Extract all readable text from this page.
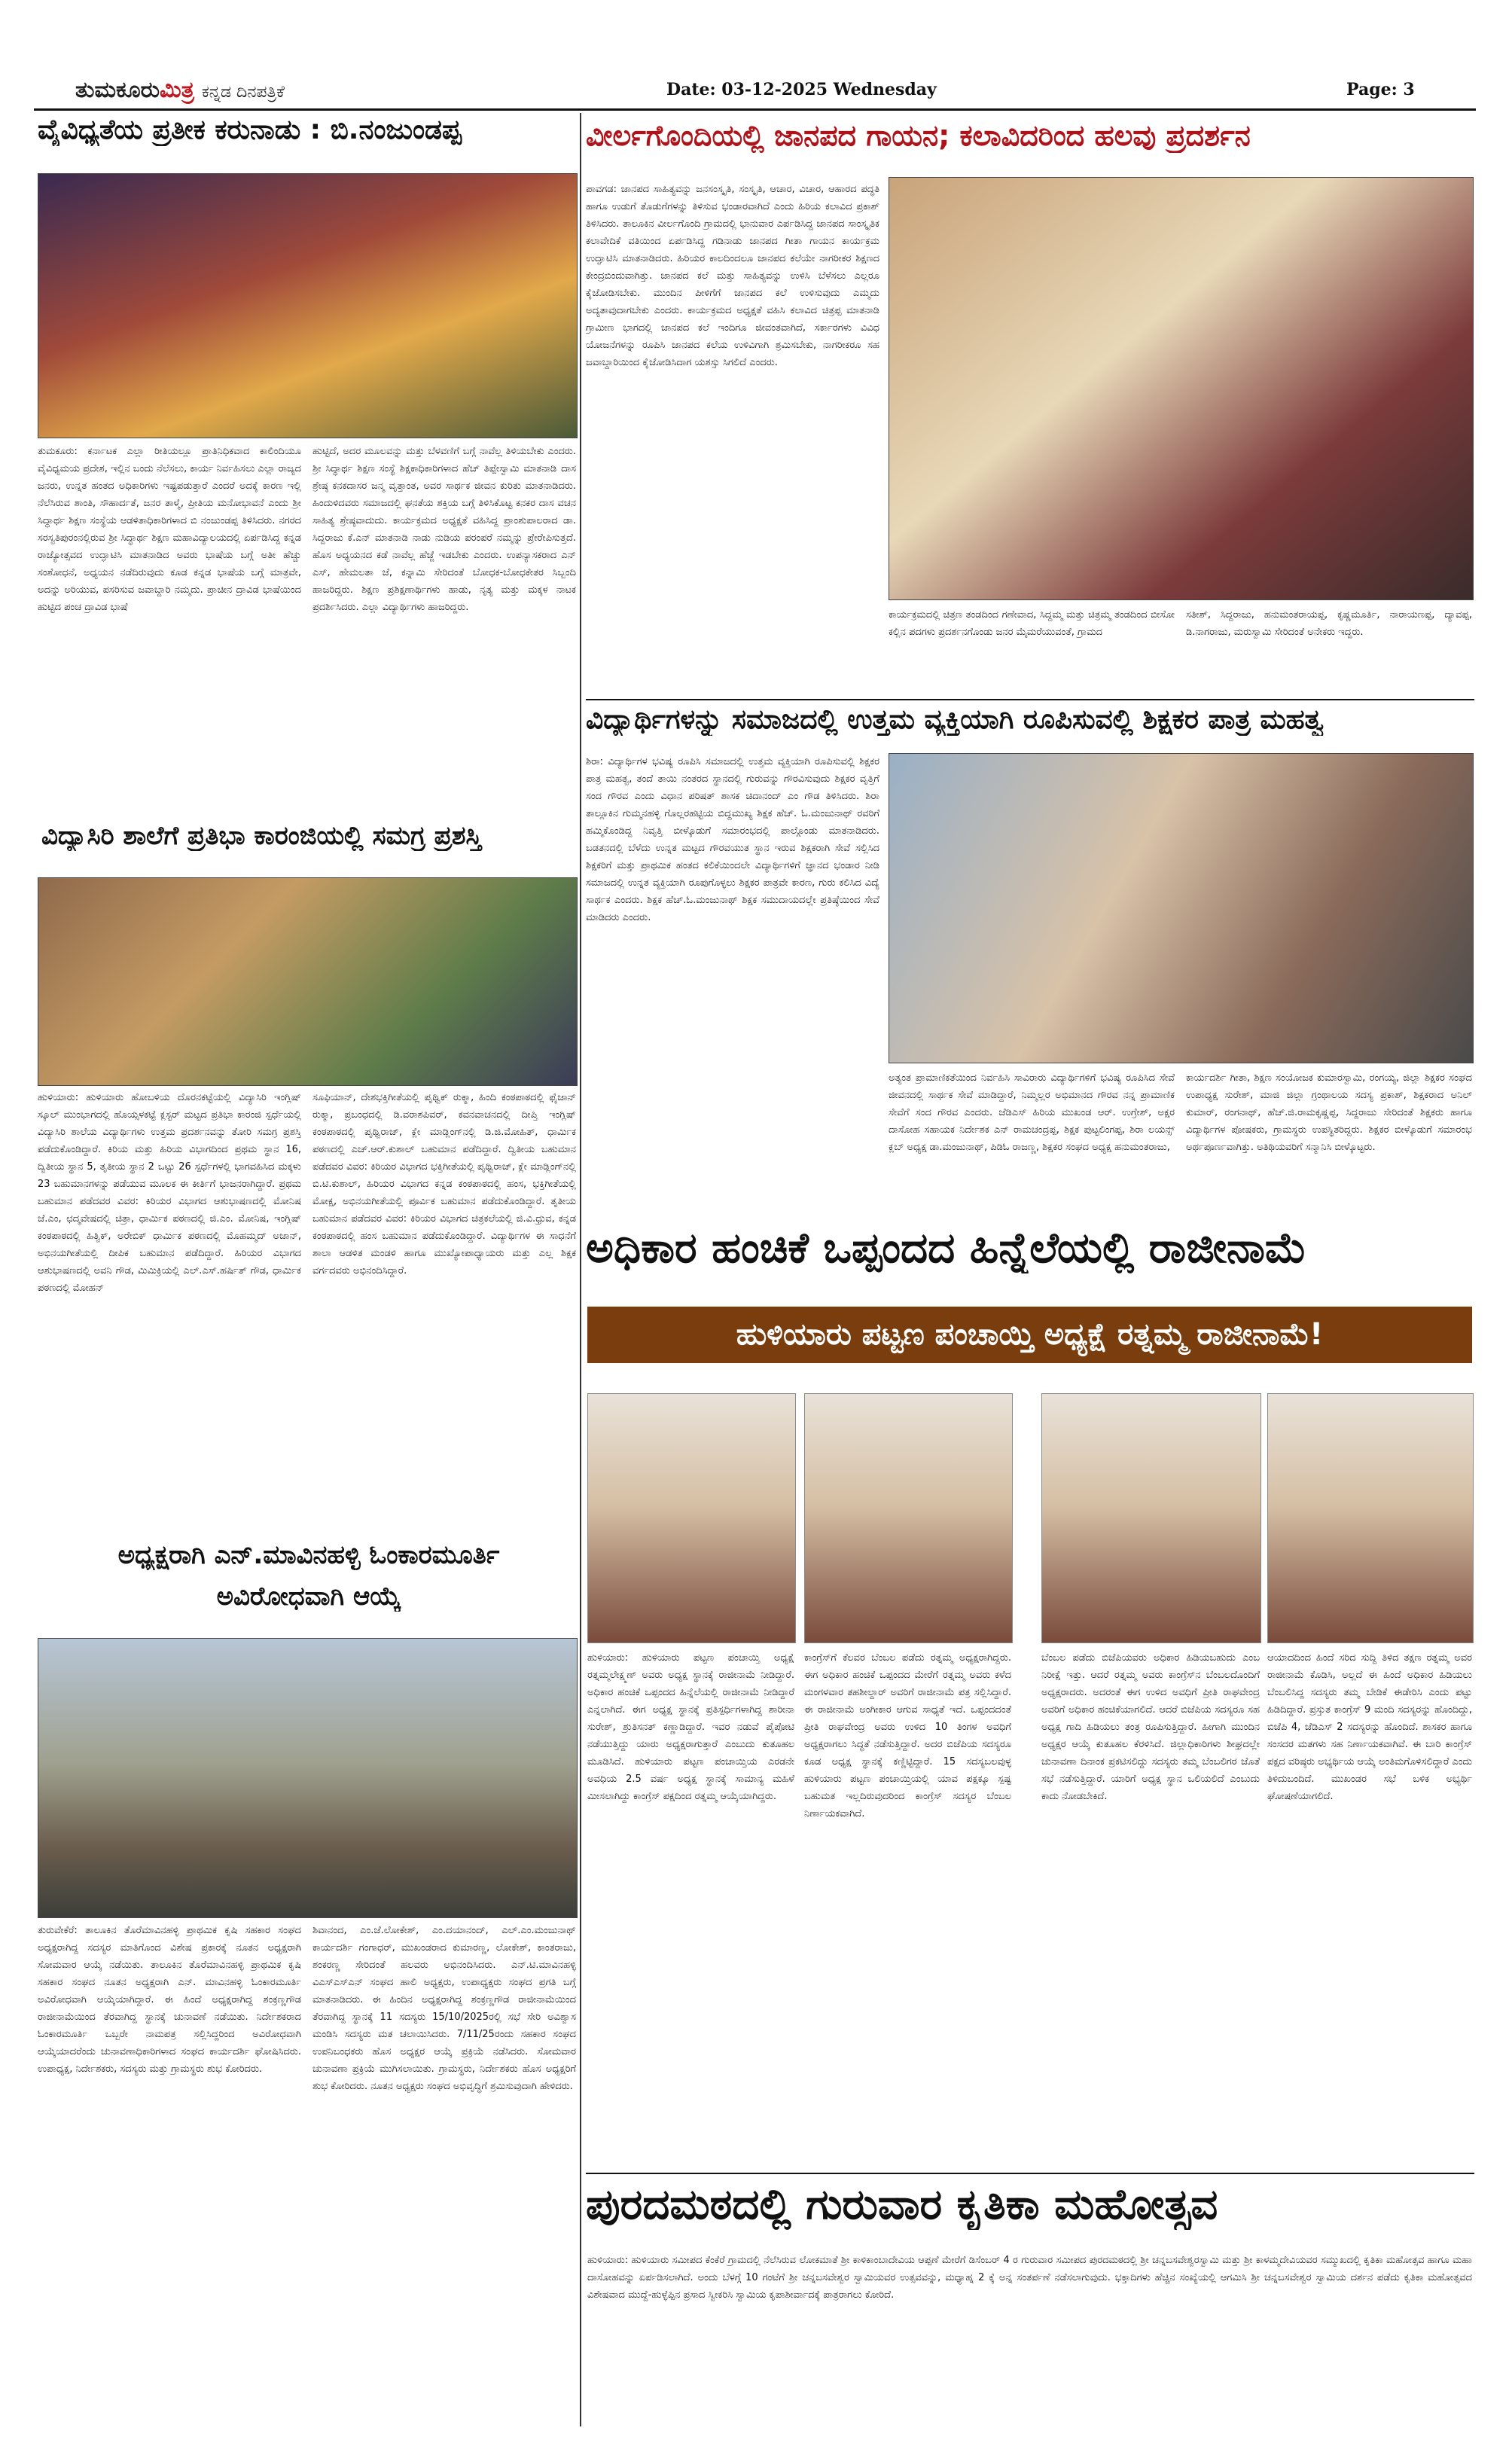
ತುಮಕೂರುಮಿತ್ರ ಕನ್ನಡ ದಿನಪತ್ರಿಕೆ	Date: 03-12-2025 Wednesday	Page: 3
ವೈವಿಧ್ಯತೆಯ ಪ್ರತೀಕ ಕರುನಾಡು : ಬಿ.ನಂಜುಂಡಪ್ಪ
ತುಮಕೂರು: ಕರ್ನಾಟಕ ಎಲ್ಲಾ ರೀತಿಯಲ್ಲೂ ಪ್ರಾತಿನಿಧಿಕವಾದ ಕಾಲಿಂದಿಯೂ ವೈವಿಧ್ಯಮಯ ಪ್ರದೇಶ, ಇಲ್ಲಿನ ಬಂದು ನೆಲೆಸಲು, ಕಾರ್ಯ ನಿರ್ವಹಿಸಲು ಎಲ್ಲಾ ರಾಜ್ಯದ ಜನರು, ಉನ್ನತ ಹಂತದ ಅಧಿಕಾರಿಗಳು ಇಷ್ಟಪಡುತ್ತಾರೆ ಎಂದರೆ ಅದಕ್ಕೆ ಕಾರಣ ಇಲ್ಲಿ ನೆಲೆಸಿರುವ ಶಾಂತಿ, ಸೌಹಾರ್ದತೆ, ಜನರ ತಾಳ್ಮೆ, ಪ್ರೀತಿಯ ಮನೋಭಾವನೆ ಎಂದು ಶ್ರೀ ಸಿದ್ಧಾರ್ಥ ಶಿಕ್ಷಣ ಸಂಸ್ಥೆಯ ಆಡಳಿತಾಧಿಕಾರಿಗಳಾದ ಬಿ ನಂಜುಂಡಪ್ಪ ತಿಳಿಸಿದರು. ನಗರದ ಸರಸ್ವತಿಪುರಂನಲ್ಲಿರುವ ಶ್ರೀ ಸಿದ್ಧಾರ್ಥ ಶಿಕ್ಷಣ ಮಹಾವಿದ್ಯಾಲಯದಲ್ಲಿ ಏರ್ಪಡಿಸಿದ್ದ ಕನ್ನಡ ರಾಜ್ಯೋತ್ಸವದ ಉದ್ಘಾಟಿಸಿ ಮಾತನಾಡಿದ ಅವರು ಭಾಷೆಯ ಬಗ್ಗೆ ಅತೀ ಹೆಚ್ಚು ಸಂಶೋಧನೆ, ಅಧ್ಯಯನ ನಡೆದಿರುವುದು ಕೂಡ ಕನ್ನಡ ಭಾಷೆಯ ಬಗ್ಗೆ ಮಾತ್ರವೇ, ಅದನ್ನು ಅರಿಯುವ, ಪಸರಿಸುವ ಜವಾಬ್ದಾರಿ ನಮ್ಮದು. ಪ್ರಾಚೀನ ದ್ರಾವಿಡ ಭಾಷೆಯಿಂದ ಹುಟ್ಟಿದ ಪಂಚ ದ್ರಾವಿಡ ಭಾಷೆ
ಹುಟ್ಟಿದೆ, ಅದರ ಮೂಲವನ್ನು ಮತ್ತು ಬೆಳವಣಿಗೆ ಬಗ್ಗೆ ನಾವೆಲ್ಲ ತಿಳಿಯಬೇಕು ಎಂದರು. ಶ್ರೀ ಸಿದ್ಧಾರ್ಥ ಶಿಕ್ಷಣ ಸಂಸ್ಥೆ ಶಿಕ್ಷಕಾಧಿಕಾರಿಗಳಾದ ಹೆಚ್ ತಿಪ್ಪೇಸ್ವಾಮಿ ಮಾತನಾಡಿ ದಾಸ ಶ್ರೇಷ್ಠ ಕನಕದಾಸರ ಜನ್ಮ ವೃತ್ತಾಂತ, ಅವರ ಸಾರ್ಥಕ ಜೀವನ ಕುರಿತು ಮಾತನಾಡಿದರು. ಹಿಂದುಳಿದವರು ಸಮಾಜದಲ್ಲಿ ಘನತೆಯ ಶಕ್ತಿಯ ಬಗ್ಗೆ ತಿಳಿಸಿಕೊಟ್ಟ ಕನಕರ ದಾಸ ವಚನ ಸಾಹಿತ್ಯ ಶ್ರೇಷ್ಠವಾದುದು. ಕಾರ್ಯಕ್ರಮದ ಅಧ್ಯಕ್ಷತೆ ವಹಿಸಿದ್ದ ಪ್ರಾಂಶುಪಾಲರಾದ ಡಾ. ಸಿದ್ದರಾಜು ಕೆ.ಎನ್ ಮಾತನಾಡಿ ನಾಡು ನುಡಿಯ ಪರಂಪರೆ ನಮ್ಮನ್ನು ಪ್ರೇರೇಪಿಸುತ್ತದೆ. ಹೊಸ ಅಧ್ಯಯನದ ಕಡೆ ನಾವೆಲ್ಲ ಹೆಜ್ಜೆ ಇಡಬೇಕು ಎಂದರು. ಉಪನ್ಯಾಸಕರಾದ ಎನ್ ಎಸ್, ಹೇಮಲತಾ ಜೆ, ಕನ್ನಾಮಿ ಸೇರಿದಂತೆ ಬೋಧಕ-ಬೋಧಕೇತರ ಸಿಬ್ಬಂದಿ ಹಾಜರಿದ್ದರು. ಶಿಕ್ಷಣ ಪ್ರಶಿಕ್ಷಣಾರ್ಥಿಗಳು ಹಾಡು, ನೃತ್ಯ ಮತ್ತು ಮಕ್ಕಳ ನಾಟಕ ಪ್ರದರ್ಶಿಸಿದರು. ಎಲ್ಲಾ ವಿದ್ಯಾರ್ಥಿಗಳು ಹಾಜರಿದ್ದರು.
ವಿದ್ಯಾಸಿರಿ ಶಾಲೆಗೆ ಪ್ರತಿಭಾ ಕಾರಂಜಿಯಲ್ಲಿ ಸಮಗ್ರ ಪ್ರಶಸ್ತಿ
ಹುಳಿಯಾರು: ಹುಳಿಯಾರು ಹೋಬಳಿಯ ದೊರನಕಟ್ಟೆಯಲ್ಲಿ ವಿದ್ಯಾಸಿರಿ ಇಂಗ್ಲಿಷ್ ಸ್ಕೂಲ್ ಮುಂಭಾಗದಲ್ಲಿ ಹೊಯ್ಸಳಕಟ್ಟೆ ಕ್ಲಸ್ಟರ್ ಮಟ್ಟದ ಪ್ರತಿಭಾ ಕಾರಂಜಿ ಸ್ಪರ್ಧೆಯಲ್ಲಿ ವಿದ್ಯಾಸಿರಿ ಶಾಲೆಯ ವಿದ್ಯಾರ್ಥಿಗಳು ಉತ್ತಮ ಪ್ರದರ್ಶನವನ್ನು ತೋರಿ ಸಮಗ್ರ ಪ್ರಶಸ್ತಿ ಪಡೆದುಕೊಂಡಿದ್ದಾರೆ. ಕಿರಿಯ ಮತ್ತು ಹಿರಿಯ ವಿಭಾಗದಿಂದ ಪ್ರಥಮ ಸ್ಥಾನ 16, ದ್ವಿತೀಯ ಸ್ಥಾನ 5, ತೃತೀಯ ಸ್ಥಾನ 2 ಒಟ್ಟು 26 ಸ್ಪರ್ಧೆಗಳಲ್ಲಿ ಭಾಗವಹಿಸಿದ ಮಕ್ಕಳು 23 ಬಹುಮಾನಗಳನ್ನು ಪಡೆಯುವ ಮೂಲಕ ಈ ಕೀರ್ತಿಗೆ ಭಾಜನರಾಗಿದ್ದಾರೆ. ಪ್ರಥಮ ಬಹುಮಾನ ಪಡೆದವರ ವಿವರ: ಕಿರಿಯರ ವಿಭಾಗದ ಆಶುಭಾಷಣದಲ್ಲಿ ಮೋನಿಷ ಜೆ.ಎಂ, ಛದ್ಮವೇಷದಲ್ಲಿ ಚಿತ್ರಾ, ಧಾರ್ಮಿಕ ಪಠಣದಲ್ಲಿ ಜಿ.ಎಂ. ಮೋನಿಷ, ಇಂಗ್ಲಿಷ್ ಕಂಠಪಾಠದಲ್ಲಿ ಹಿತ್ವಿಕ್, ಅರೇಬಿಕ್ ಧಾರ್ಮಿಕ ಪಠಣದಲ್ಲಿ ಮೊಹಮ್ಮದ್ ಅಜಾನ್, ಅಭಿನಯಗೀತೆಯಲ್ಲಿ ದೀಪಿಕ ಬಹುಮಾನ ಪಡೆದಿದ್ದಾರೆ. ಹಿರಿಯರ ವಿಭಾಗದ ಆಶುಭಾಷಣದಲ್ಲಿ ಅವನಿ ಗೌಡ, ಮಿಮಿಕ್ರಿಯಲ್ಲಿ ಎಲ್.ಎಸ್.ಹರ್ಷಿತ್ ಗೌಡ, ಧಾರ್ಮಿಕ ಪಠಣದಲ್ಲಿ ಮೋಹನ್
ಸೂಫಿಯಾನ್, ದೇಶಭಕ್ತಿಗೀತೆಯಲ್ಲಿ ಪೃಥ್ವಿಕ್ ರುಕ್ಮಾ, ಹಿಂದಿ ಕಂಠಪಾಠದಲ್ಲಿ ಫೈಜಾನ್ ರುಕ್ಮಾ, ಪ್ರಬಂಧದಲ್ಲಿ ಡಿ.ವರಾಶಪಿವರ್, ಕವನವಾಚನದಲ್ಲಿ ದೀಪ್ತಿ ಇಂಗ್ಲಿಷ್ ಕಂಠಪಾಠದಲ್ಲಿ ಪೃಥ್ವಿರಾಜ್, ಕ್ಲೇ ಮಾಡ್ಲಿಂಗ್‌ನಲ್ಲಿ ಡಿ.ಜಿ.ಮೋಹಿತ್, ಧಾರ್ಮಿಕ ಪಠಣದಲ್ಲಿ ಎಚ್.ಆರ್.ಕುಶಾಲ್ ಬಹುಮಾನ ಪಡೆದಿದ್ದಾರೆ. ದ್ವಿತೀಯ ಬಹುಮಾನ ಪಡೆದವರ ವಿವರ: ಕಿರಿಯರ ವಿಭಾಗದ ಭಕ್ತಿಗೀತೆಯಲ್ಲಿ ಪೃಥ್ವಿರಾಜ್, ಕ್ಲೇ ಮಾಡ್ಲಿಂಗ್‌ನಲ್ಲಿ ಬಿ.ಟಿ.ಕುಶಾಲ್, ಹಿರಿಯರ ವಿಭಾಗದ ಕನ್ನಡ ಕಂಠಪಾಠದಲ್ಲಿ ಹಂಸ, ಭಕ್ತಿಗೀತೆಯಲ್ಲಿ ಮೋಕ್ಷ, ಅಭಿನಯಗೀತೆಯಲ್ಲಿ ಪೂರ್ವಿಕ ಬಹುಮಾನ ಪಡೆದುಕೊಂಡಿದ್ದಾರೆ. ತೃತೀಯ ಬಹುಮಾನ ಪಡೆದವರ ವಿವರ: ಕಿರಿಯರ ವಿಭಾಗದ ಚಿತ್ರಕಲೆಯಲ್ಲಿ ಜಿ.ವಿ.ಧ್ರುವ, ಕನ್ನಡ ಕಂಠಪಾಠದಲ್ಲಿ ಹಂಸ ಬಹುಮಾನ ಪಡೆದುಕೊಂಡಿದ್ದಾರೆ. ವಿದ್ಯಾರ್ಥಿಗಳ ಈ ಸಾಧನೆಗೆ ಶಾಲಾ ಆಡಳಿತ ಮಂಡಳಿ ಹಾಗೂ ಮುಖ್ಯೋಪಾಧ್ಯಾಯರು ಮತ್ತು ಎಲ್ಲ ಶಿಕ್ಷಕ ವರ್ಗದವರು ಅಭಿನಂದಿಸಿದ್ದಾರೆ.
ಅಧ್ಯಕ್ಷರಾಗಿ ಎನ್.ಮಾವಿನಹಳ್ಳಿ ಓಂಕಾರಮೂರ್ತಿ
ಅವಿರೋಧವಾಗಿ ಆಯ್ಕೆ
ತುರುವೇಕೆರೆ: ತಾಲೂಕಿನ ತೊರೆಮಾವಿನಹಳ್ಳಿ ಪ್ರಾಥಮಿಕ ಕೃಷಿ ಸಹಕಾರ ಸಂಘದ ಅಧ್ಯಕ್ಷರಾಗಿದ್ದ ಸದಸ್ಯರ ಮಾತಿಗೊಂದ ವಿಶೇಷ ಪ್ರಕಾರಕ್ಕೆ ನೂತನ ಅಧ್ಯಕ್ಷರಾಗಿ ಸೋಮವಾರ ಆಯ್ಕೆ ನಡೆಯಿತು. ತಾಲೂಕಿನ ತೊರೆಮಾವಿನಹಳ್ಳಿ ಪ್ರಾಥಮಿಕ ಕೃಷಿ ಸಹಕಾರ ಸಂಘದ ನೂತನ ಅಧ್ಯಕ್ಷರಾಗಿ ಎನ್. ಮಾವಿನಹಳ್ಳಿ ಓಂಕಾರಮೂರ್ತಿ ಅವಿರೋಧವಾಗಿ ಆಯ್ಕೆಯಾಗಿದ್ದಾರೆ. ಈ ಹಿಂದೆ ಅಧ್ಯಕ್ಷರಾಗಿದ್ದ ಶಂಕ್ರಣ್ಣಗೌಡ ರಾಜೀನಾಮೆಯಿಂದ ತೆರವಾಗಿದ್ದ ಸ್ಥಾನಕ್ಕೆ ಚುನಾವಣೆ ನಡೆಯಿತು. ನಿರ್ದೇಶಕರಾದ ಓಂಕಾರಮೂರ್ತಿ ಒಬ್ಬರೇ ನಾಮಪತ್ರ ಸಲ್ಲಿಸಿದ್ದರಿಂದ ಅವಿರೋಧವಾಗಿ ಆಯ್ಕೆಯಾದರೆಂದು ಚುನಾವಣಾಧಿಕಾರಿಗಳಾದ ಸಂಘದ ಕಾರ್ಯದರ್ಶಿ ಘೋಷಿಸಿದರು. ಉಪಾಧ್ಯಕ್ಷ, ನಿರ್ದೇಶಕರು, ಸದಸ್ಯರು ಮತ್ತು ಗ್ರಾಮಸ್ಥರು ಶುಭ ಕೋರಿದರು.
ಶಿವಾನಂದ, ಎಂ.ಜೆ.ಲೋಕೇಶ್, ಎಂ.ದಯಾನಂದ್, ಎಲ್.ಎಂ.ಮಂಜುನಾಥ್ ಕಾರ್ಯದರ್ಶಿ ಗಂಗಾಧರ್, ಮುಖಂಡರಾದ ಕುಮಾರಣ್ಣ, ಲೋಕೇಶ್, ಕಾಂತರಾಜು, ಶಂಕರಣ್ಣ ಸೇರಿದಂತೆ ಹಲವರು ಅಭಿನಂದಿಸಿದರು. ಎನ್.ಟಿ.ಮಾವಿನಹಳ್ಳಿ ವಿಎಸ್‌ಎಸ್‌ಎನ್ ಸಂಘದ ಹಾಲಿ ಅಧ್ಯಕ್ಷರು, ಉಪಾಧ್ಯಕ್ಷರು ಸಂಘದ ಪ್ರಗತಿ ಬಗ್ಗೆ ಮಾತನಾಡಿದರು. ಈ ಹಿಂದಿನ ಅಧ್ಯಕ್ಷರಾಗಿದ್ದ ಶಂಕ್ರಣ್ಣಗೌಡ ರಾಜೀನಾಮೆಯಿಂದ ತೆರವಾಗಿದ್ದ ಸ್ಥಾನಕ್ಕೆ 11 ಸದಸ್ಯರು 15/10/2025ರಲ್ಲಿ ಸಭೆ ಸೇರಿ ಅವಿಶ್ವಾಸ ಮಂಡಿಸಿ ಸದಸ್ಯರು ಮತ ಚಲಾಯಿಸಿದರು. 7/11/25ರಂದು ಸಹಕಾರ ಸಂಘದ ಉಪನಿಬಂಧಕರು ಹೊಸ ಅಧ್ಯಕ್ಷರ ಆಯ್ಕೆ ಪ್ರಕ್ರಿಯೆ ನಡೆಸಿದರು. ಸೋಮವಾರ ಚುನಾವಣಾ ಪ್ರಕ್ರಿಯೆ ಮುಗಿಸಲಾಯಿತು. ಗ್ರಾಮಸ್ಥರು, ನಿರ್ದೇಶಕರು ಹೊಸ ಅಧ್ಯಕ್ಷರಿಗೆ ಶುಭ ಕೋರಿದರು. ನೂತನ ಅಧ್ಯಕ್ಷರು ಸಂಘದ ಅಭಿವೃದ್ಧಿಗೆ ಶ್ರಮಿಸುವುದಾಗಿ ಹೇಳಿದರು.
ವೀರ್ಲಗೊಂದಿಯಲ್ಲಿ ಜಾನಪದ ಗಾಯನ; ಕಲಾವಿದರಿಂದ ಹಲವು ಪ್ರದರ್ಶನ
ಪಾವಗಡ: ಜಾನಪದ ಸಾಹಿತ್ಯವನ್ನು ಜನಸಂಸ್ಕೃತಿ, ಸಂಸ್ಕೃತಿ, ಆಚಾರ, ವಿಚಾರ, ಆಹಾರದ ಪದ್ಧತಿ ಹಾಗೂ ಉಡುಗೆ ತೊಡುಗೆಗಳನ್ನು ತಿಳಿಸುವ ಭಂಡಾರವಾಗಿದೆ ಎಂದು ಹಿರಿಯ ಕಲಾವಿದ ಪ್ರಕಾಶ್ ತಿಳಿಸಿದರು. ತಾಲೂಕಿನ ವೀರ್ಲಗೊಂದಿ ಗ್ರಾಮದಲ್ಲಿ ಭಾನುವಾರ ಎರ್ಪಡಿಸಿದ್ದ ಜಾನಪದ ಸಾಂಸ್ಕೃತಿಕ ಕಲಾವೇದಿಕೆ ವತಿಯಿಂದ ಏರ್ಪಡಿಸಿದ್ದ ಗಡಿನಾಡು ಜಾನಪದ ಗೀತಾ ಗಾಯನ ಕಾರ್ಯಕ್ರಮ ಉದ್ಘಾಟಿಸಿ ಮಾತನಾಡಿದರು. ಹಿರಿಯರ ಕಾಲದಿಂದಲೂ ಜಾನಪದ ಕಲೆಯೇ ನಾಗರೀಕರ ಶಿಕ್ಷಣದ ಕೇಂದ್ರಬಿಂದುವಾಗಿತ್ತು. ಜಾನಪದ ಕಲೆ ಮತ್ತು ಸಾಹಿತ್ಯವನ್ನು ಉಳಿಸಿ ಬೆಳೆಸಲು ಎಲ್ಲರೂ ಕೈಜೋಡಿಸಬೇಕು. ಮುಂದಿನ ಪೀಳಿಗೆಗೆ ಜಾನಪದ ಕಲೆ ಉಳಿಸುವುದು ಎಮ್ಮದು ಅದ್ಯತಾವುದಾಗಬೇಕು ಎಂದರು. ಕಾರ್ಯಕ್ರಮದ ಅಧ್ಯಕ್ಷತೆ ವಹಿಸಿ ಕಲಾವಿದ ಚಿತ್ರಪ್ಪ ಮಾತನಾಡಿ ಗ್ರಾಮೀಣ ಭಾಗದಲ್ಲಿ ಜಾನಪದ ಕಲೆ ಇಂದಿಗೂ ಜೀವಂತವಾಗಿದೆ, ಸರ್ಕಾರಗಳು ವಿವಿಧ ಯೋಜನೆಗಳನ್ನು ರೂಪಿಸಿ ಜಾನಪದ ಕಲೆಯ ಉಳಿವಿಗಾಗಿ ಶ್ರಮಿಸಬೇಕು, ನಾಗರೀಕರೂ ಸಹ ಜವಾಬ್ದಾರಿಯಿಂದ ಕೈಜೋಡಿಸಿದಾಗ ಯಶಸ್ಸು ಸಿಗಲಿದೆ ಎಂದರು.
ಕಾರ್ಯಕ್ರಮದಲ್ಲಿ ಚಿತ್ರಣ ತಂಡದಿಂದ ಗಣೇವಾದ, ಸಿದ್ದಮ್ಮ ಮತ್ತು ಚಿತ್ರಮ್ಮ ತಂಡದಿಂದ ಬೀಸೋ ಕಲ್ಲಿನ ಪದಗಳು ಪ್ರದರ್ಶನಗೊಂಡು ಜನರ ಮೈಮರೆಯುವಂತೆ, ಗ್ರಾಮದ
ಸತೀಶ್, ಸಿದ್ದರಾಜು, ಹನುಮಂತರಾಯಪ್ಪ, ಕೃಷ್ಣಮೂರ್ತಿ, ನಾರಾಯಣಪ್ಪ, ದ್ಯಾವಪ್ಪ, ಡಿ.ನಾಗರಾಜು, ಮರುಸ್ವಾಮಿ ಸೇರಿದಂತೆ ಅನೇಕರು ಇದ್ದರು.
ವಿದ್ಯಾರ್ಥಿಗಳನ್ನು ಸಮಾಜದಲ್ಲಿ ಉತ್ತಮ ವ್ಯಕ್ತಿಯಾಗಿ ರೂಪಿಸುವಲ್ಲಿ ಶಿಕ್ಷಕರ ಪಾತ್ರ ಮಹತ್ವ
ಶಿರಾ: ವಿದ್ಯಾರ್ಥಿಗಳ ಭವಿಷ್ಯ ರೂಪಿಸಿ ಸಮಾಜದಲ್ಲಿ ಉತ್ತಮ ವ್ಯಕ್ತಿಯಾಗಿ ರೂಪಿಸುವಲ್ಲಿ ಶಿಕ್ಷಕರ ಪಾತ್ರ ಮಹತ್ವ, ತಂದೆ ತಾಯಿ ನಂತರದ ಸ್ಥಾನದಲ್ಲಿ ಗುರುವನ್ನು ಗೌರವಿಸುವುದು ಶಿಕ್ಷಕರ ವೃತ್ತಿಗೆ ಸಂದ ಗೌರವ ಎಂದು ವಿಧಾನ ಪರಿಷತ್ ಶಾಸಕ ಚಿದಾನಂದ್ ಎಂ ಗೌಡ ತಿಳಿಸಿದರು. ಶಿರಾ ತಾಲ್ಲೂಕಿನ ಗುಮ್ಮನಹಳ್ಳಿ ಗೊಲ್ಲರಹಟ್ಟಿಯ ಬಿದ್ದಮುಖ್ಯ ಶಿಕ್ಷಕ ಹೆಚ್. ಓ.ಮಂಜುನಾಥ್ ರವರಿಗೆ ಹಮ್ಮಿಕೊಂಡಿದ್ದ ನಿವೃತ್ತಿ ಬೀಳ್ಕೊಡುಗೆ ಸಮಾರಂಭದಲ್ಲಿ ಪಾಲ್ಗೊಂಡು ಮಾತನಾಡಿದರು. ಬಡತನದಲ್ಲಿ ಬೆಳೆದು ಉನ್ನತ ಮಟ್ಟದ ಗೌರವಯುತ ಸ್ಥಾನ ಇರುವ ಶಿಕ್ಷಕರಾಗಿ ಸೇವೆ ಸಲ್ಲಿಸಿದ ಶಿಕ್ಷಕರಿಗೆ ಮತ್ತು ಪ್ರಾಥಮಿಕ ಹಂತದ ಕಲಿಕೆಯಿಂದಲೇ ವಿದ್ಯಾರ್ಥಿಗಳಿಗೆ ಜ್ಞಾನದ ಭಂಡಾರ ನೀಡಿ ಸಮಾಜದಲ್ಲಿ ಉನ್ನತ ವ್ಯಕ್ತಿಯಾಗಿ ರೂಪುಗೊಳ್ಳಲು ಶಿಕ್ಷಕರ ಪಾತ್ರವೇ ಕಾರಣ, ಗುರು ಕಲಿಸಿದ ವಿದ್ಯೆ ಸಾರ್ಥಕ ಎಂದರು. ಶಿಕ್ಷಕ ಹೆಚ್.ಓ.ಮಂಜುನಾಥ್ ಶಿಕ್ಷಕ ಸಮುದಾಯದಲ್ಲೇ ಪ್ರತಿಷ್ಠೆಯಿಂದ ಸೇವೆ ಮಾಡಿದರು ಎಂದರು.
ಅತ್ಯಂತ ಪ್ರಾಮಾಣಿಕತೆಯಿಂದ ನಿರ್ವಹಿಸಿ ಸಾವಿರಾರು ವಿದ್ಯಾರ್ಥಿಗಳಿಗೆ ಭವಿಷ್ಯ ರೂಪಿಸಿದ ಸೇವೆ ಜೀವನದಲ್ಲಿ ಸಾರ್ಥಕ ಸೇವೆ ಮಾಡಿದ್ದಾರೆ, ನಿಮ್ಮಲ್ಲರ ಅಭಿಮಾನದ ಗೌರವ ನನ್ನ ಪ್ರಾಮಾಣಿಕ ಸೇವೆಗೆ ಸಂದ ಗೌರವ ಎಂದರು. ಜೆಡಿಎಸ್ ಹಿರಿಯ ಮುಖಂಡ ಆರ್. ಉಗ್ರೇಶ್, ಅಕ್ಷರ ದಾಸೋಹ ಸಹಾಯಕ ನಿರ್ದೇಶಕ ಎನ್ ರಾಮಚಂದ್ರಪ್ಪ, ಶಿಕ್ಷಕ ಪುಟ್ಟಲಿಂಗಪ್ಪ, ಶಿರಾ ಲಯನ್ಸ್ ಕ್ಲಬ್ ಅಧ್ಯಕ್ಷ ಡಾ.ಮಂಜುನಾಥ್, ಪಿಡಿಓ ರಾಜಣ್ಣ, ಶಿಕ್ಷಕರ ಸಂಘದ ಅಧ್ಯಕ್ಷ ಹನುಮಂತರಾಜು,
ಕಾರ್ಯದರ್ಶಿ ಗೀತಾ, ಶಿಕ್ಷಣ ಸಂಯೋಜಕ ಕುಮಾರಸ್ವಾಮಿ, ರಂಗಯ್ಯ, ಜಿಲ್ಲಾ ಶಿಕ್ಷಕರ ಸಂಘದ ಉಪಾಧ್ಯಕ್ಷ ಸುರೇಶ್, ಮಾಜಿ ಜಿಲ್ಲಾ ಗ್ರಂಥಾಲಯ ಸದಸ್ಯ ಪ್ರಕಾಶ್, ಶಿಕ್ಷಕರಾದ ಅನಿಲ್ ಕುಮಾರ್, ರಂಗನಾಥ್, ಹೆಚ್.ಜಿ.ರಾಮಕೃಷ್ಣಪ್ಪ, ಸಿದ್ದರಾಜು ಸೇರಿದಂತೆ ಶಿಕ್ಷಕರು ಹಾಗೂ ವಿದ್ಯಾರ್ಥಿಗಳ ಪೋಷಕರು, ಗ್ರಾಮಸ್ಥರು ಉಪಸ್ಥಿತರಿದ್ದರು. ಶಿಕ್ಷಕರ ಬೀಳ್ಕೊಡುಗೆ ಸಮಾರಂಭ ಅರ್ಥಪೂರ್ಣವಾಗಿತ್ತು. ಅತಿಥಿಯವರಿಗೆ ಸನ್ಮಾನಿಸಿ ಬೀಳ್ಕೊಟ್ಟರು.
ಅಧಿಕಾರ ಹಂಚಿಕೆ ಒಪ್ಪಂದದ ಹಿನ್ನೆಲೆಯಲ್ಲಿ ರಾಜೀನಾಮೆ
ಹುಳಿಯಾರು ಪಟ್ಟಣ ಪಂಚಾಯ್ತಿ ಅಧ್ಯಕ್ಷೆ ರತ್ನಮ್ಮ ರಾಜೀನಾಮೆ!
ಹುಳಿಯಾರು: ಹುಳಿಯಾರು ಪಟ್ಟಣ ಪಂಚಾಯ್ತಿ ಅಧ್ಯಕ್ಷೆ ರತ್ನಮ್ಮಲೇಕ್ಷ್ಮಣ್ ಅವರು ಅಧ್ಯಕ್ಷ ಸ್ಥಾನಕ್ಕೆ ರಾಜೀನಾಮೆ ನೀಡಿದ್ದಾರೆ. ಅಧಿಕಾರ ಹಂಚಿಕೆ ಒಪ್ಪಂದದ ಹಿನ್ನೆಲೆಯಲ್ಲಿ ರಾಜೀನಾಮೆ ನೀಡಿದ್ದಾರೆ ಎನ್ನಲಾಗಿದೆ. ಈಗ ಅಧ್ಯಕ್ಷ ಸ್ಥಾನಕ್ಕೆ ಪ್ರತಿಸ್ಪರ್ಧಿಗಳಾಗಿದ್ದ ಶಾರೀನಾ ಸುರೇಶ್, ಶ್ರುತಿಸನತ್ ಕಣ್ಣಾಡಿದ್ದಾರೆ. ಇವರ ನಡುವೆ ಪೈಪೋಟಿ ನಡೆಯುತ್ತಿದ್ದು ಯಾರು ಅಧ್ಯಕ್ಷರಾಗುತ್ತಾರೆ ಎಂಬುದು ಕುತೂಹಲ ಮೂಡಿಸಿದೆ. ಹುಳಿಯಾರು ಪಟ್ಟಣ ಪಂಚಾಯ್ತಿಯ ಎರಡನೇ ಅವಧಿಯ 2.5 ವರ್ಷ ಅಧ್ಯಕ್ಷ ಸ್ಥಾನಕ್ಕೆ ಸಾಮಾನ್ಯ ಮಹಿಳೆ ಮೀಸಲಾಗಿದ್ದು ಕಾಂಗ್ರೆಸ್ ಪಕ್ಷದಿಂದ ರತ್ನಮ್ಮ ಆಯ್ಕೆಯಾಗಿದ್ದರು.
ಕಾಂಗ್ರೆಸ್‌ಗೆ ಕೆಲವರ ಬೆಂಬಲ ಪಡೆದು ರತ್ನಮ್ಮ ಅಧ್ಯಕ್ಷರಾಗಿದ್ದರು. ಈಗ ಅಧಿಕಾರ ಹಂಚಿಕೆ ಒಪ್ಪಂದದ ಮೇರೆಗೆ ರತ್ನಮ್ಮ ಅವರು ಕಳೆದ ಮಂಗಳವಾರ ತಹಶೀಲ್ದಾರ್ ಅವರಿಗೆ ರಾಜೀನಾಮೆ ಪತ್ರ ಸಲ್ಲಿಸಿದ್ದಾರೆ. ಈ ರಾಜೀನಾಮೆ ಅಂಗೀಕಾರ ಆಗುವ ಸಾಧ್ಯತೆ ಇದೆ. ಒಪ್ಪಂದದಂತೆ ಪ್ರೀತಿ ರಾಘವೇಂದ್ರ ಅವರು ಉಳಿದ 10 ತಿಂಗಳ ಅವಧಿಗೆ ಅಧ್ಯಕ್ಷರಾಗಲು ಸಿದ್ಧತೆ ನಡೆಸುತ್ತಿದ್ದಾರೆ. ಅದರ ಬಿಜೆಪಿಯ ಸದಸ್ಯರೂ ಕೂಡ ಅಧ್ಯಕ್ಷ ಸ್ಥಾನಕ್ಕೆ ಕಣ್ಣಿಟ್ಟಿದ್ದಾರೆ. 15 ಸದಸ್ಯಬಲವುಳ್ಳ ಹುಳಿಯಾರು ಪಟ್ಟಣ ಪಂಚಾಯ್ತಿಯಲ್ಲಿ ಯಾವ ಪಕ್ಷಕ್ಕೂ ಸ್ಪಷ್ಟ ಬಹುಮತ ಇಲ್ಲದಿರುವುದರಿಂದ ಕಾಂಗ್ರೆಸ್ ಸದಸ್ಯರ ಬೆಂಬಲ ನಿರ್ಣಾಯಕವಾಗಿದೆ.
ಬೆಂಬಲ ಪಡೆದು ಬಿಜೆಪಿಯವರು ಅಧಿಕಾರ ಹಿಡಿಯಬಹುದು ಎಂಬ ನಿರೀಕ್ಷೆ ಇತ್ತು. ಆದರೆ ರತ್ನಮ್ಮ ಅವರು ಕಾಂಗ್ರೆಸ್‌ನ ಬೆಂಬಲದೊಂದಿಗೆ ಅಧ್ಯಕ್ಷರಾದರು. ಅದರಂತೆ ಈಗ ಉಳಿದ ಅವಧಿಗೆ ಪ್ರೀತಿ ರಾಘವೇಂದ್ರ ಅವರಿಗೆ ಅಧಿಕಾರ ಹಂಚಿಕೆಯಾಗಲಿದೆ. ಆದರೆ ಬಿಜೆಪಿಯ ಸದಸ್ಯರೂ ಸಹ ಅಧ್ಯಕ್ಷ ಗಾದಿ ಹಿಡಿಯಲು ತಂತ್ರ ರೂಪಿಸುತ್ತಿದ್ದಾರೆ. ಹೀಗಾಗಿ ಮುಂದಿನ ಅಧ್ಯಕ್ಷರ ಆಯ್ಕೆ ಕುತೂಹಲ ಕೆರಳಿಸಿದೆ. ಜಿಲ್ಲಾಧಿಕಾರಿಗಳು ಶೀಘ್ರದಲ್ಲೇ ಚುನಾವಣಾ ದಿನಾಂಕ ಪ್ರಕಟಿಸಲಿದ್ದು ಸದಸ್ಯರು ತಮ್ಮ ಬೆಂಬಲಿಗರ ಜೊತೆ ಸಭೆ ನಡೆಸುತ್ತಿದ್ದಾರೆ. ಯಾರಿಗೆ ಅಧ್ಯಕ್ಷ ಸ್ಥಾನ ಒಲಿಯಲಿದೆ ಎಂಬುದು ಕಾದು ನೋಡಬೇಕಿದೆ.
ಆಯಾದದಿಂದ ಹಿಂದೆ ಸರಿದ ಸುದ್ದಿ ತಿಳಿದ ತಕ್ಷಣ ರತ್ನಮ್ಮ ಅವರ ರಾಜೀನಾಮೆ ಕೊಡಿಸಿ, ಅಲ್ಲದೆ ಈ ಹಿಂದೆ ಅಧಿಕಾರ ಹಿಡಿಯಲು ಬೆಂಬಲಿಸಿದ್ದ ಸದಸ್ಯರು ತಮ್ಮ ಬೇಡಿಕೆ ಈಡೇರಿಸಿ ಎಂದು ಪಟ್ಟು ಹಿಡಿದಿದ್ದಾರೆ. ಪ್ರಸ್ತುತ ಕಾಂಗ್ರೆಸ್ 9 ಮಂದಿ ಸದಸ್ಯರನ್ನು ಹೊಂದಿದ್ದು, ಬಿಜೆಪಿ 4, ಜೆಡಿಎಸ್ 2 ಸದಸ್ಯರನ್ನು ಹೊಂದಿದೆ. ಶಾಸಕರ ಹಾಗೂ ಸಂಸದರ ಮತಗಳು ಸಹ ನಿರ್ಣಾಯಕವಾಗಿವೆ. ಈ ಬಾರಿ ಕಾಂಗ್ರೆಸ್ ಪಕ್ಷದ ವರಿಷ್ಠರು ಅಭ್ಯರ್ಥಿಯ ಆಯ್ಕೆ ಅಂತಿಮಗೊಳಿಸಲಿದ್ದಾರೆ ಎಂದು ತಿಳಿದುಬಂದಿದೆ. ಮುಖಂಡರ ಸಭೆ ಬಳಿಕ ಅಭ್ಯರ್ಥಿ ಘೋಷಣೆಯಾಗಲಿದೆ.
ಪುರದಮಠದಲ್ಲಿ ಗುರುವಾರ ಕೃತಿಕಾ ಮಹೋತ್ಸವ
ಹುಳಿಯಾರು: ಹುಳಿಯಾರು ಸಮೀಪದ ಕೆಂಕೆರೆ ಗ್ರಾಮದಲ್ಲಿ ನೆಲೆಸಿರುವ ಲೋಕಮಾತೆ ಶ್ರೀ ಕಾಳಿಕಾಂಬಾದೇವಿಯ ಆಪ್ಪಣೆ ಮೇರೆಗೆ ಡಿಸೆಂಬರ್ 4 ರ ಗುರುವಾರ ಸಮೀಪದ ಪುರದಮಠದಲ್ಲಿ ಶ್ರೀ ಚನ್ನಬಸವೇಶ್ವರಸ್ವಾಮಿ ಮತ್ತು ಶ್ರೀ ಕಾಳಮ್ಮದೇವಿಯವರ ಸಮ್ಮುಖದಲ್ಲಿ ಕೃತಿಕಾ ಮಹೋತ್ಸವ ಹಾಗೂ ಮಹಾ ದಾಸೋಹವನ್ನು ಏರ್ಪಡಿಸಲಾಗಿದೆ. ಅಂದು ಬೆಳಗ್ಗೆ 10 ಗಂಟೆಗೆ ಶ್ರೀ ಚನ್ನಬಸವೇಶ್ವರ ಸ್ವಾಮಿಯವರ ಉತ್ಸವವನ್ನು, ಮಧ್ಯಾಹ್ನ 2 ಕ್ಕೆ ಅನ್ನ ಸಂತರ್ಪಣೆ ನಡೆಸಲಾಗುವುದು. ಭಕ್ತಾದಿಗಳು ಹೆಚ್ಚಿನ ಸಂಖ್ಯೆಯಲ್ಲಿ ಆಗಮಿಸಿ ಶ್ರೀ ಚನ್ನಬಸವೇಶ್ವರ ಸ್ವಾಮಿಯ ದರ್ಶನ ಪಡೆದು ಕೃತಿಕಾ ಮಹೋತ್ಸವದ ವಿಶೇಷವಾದ ಮುದ್ದೆ-ಹುಳ್ಳೆಪ್ಪಿನ ಪ್ರಸಾದ ಸ್ವೀಕರಿಸಿ ಸ್ವಾಮಿಯ ಕೃಪಾಶೀರ್ವಾದಕ್ಕೆ ಪಾತ್ರರಾಗಲು ಕೋರಿದೆ.
